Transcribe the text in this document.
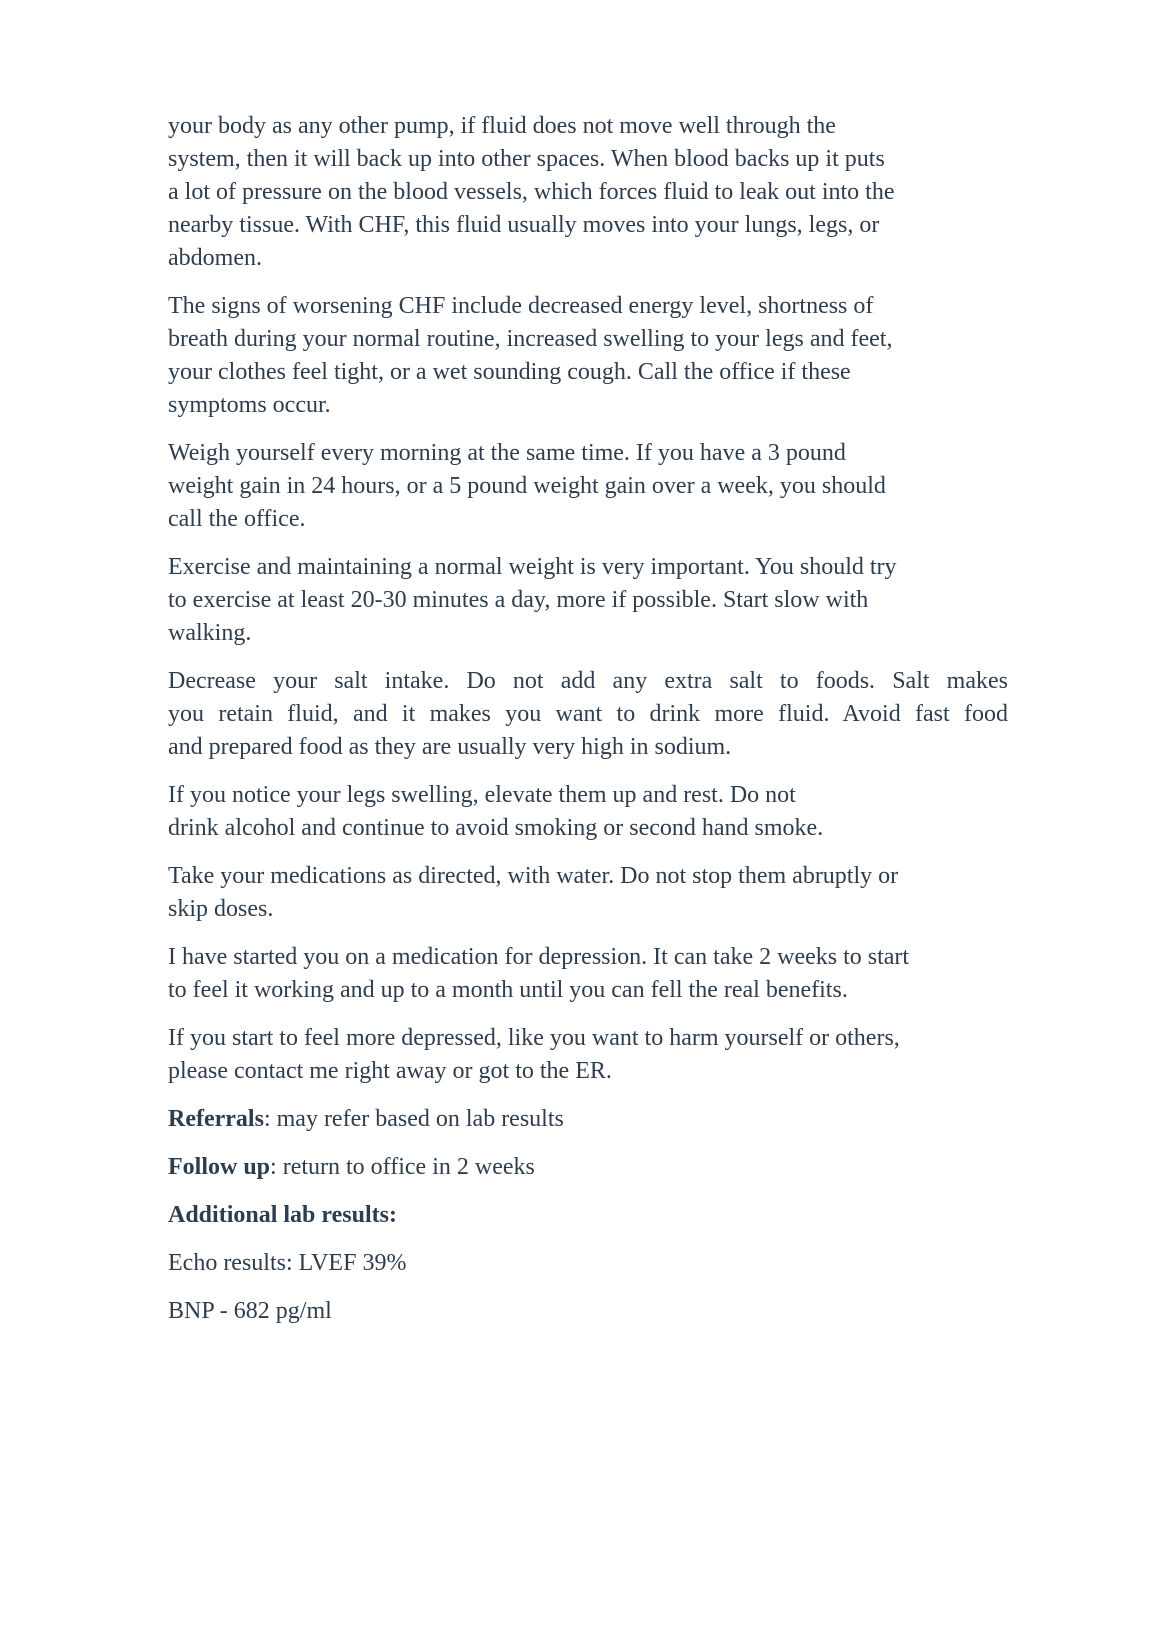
your body as any other pump, if fluid does not move well through the
system, then it will back up into other spaces. When blood backs up it puts
a lot of pressure on the blood vessels, which forces fluid to leak out into the
nearby tissue. With CHF, this fluid usually moves into your lungs, legs, or
abdomen.

The signs of worsening CHF include decreased energy level, shortness of
breath during your normal routine, increased swelling to your legs and feet,
your clothes feel tight, or a wet sounding cough. Call the office if these
symptoms occur.

Weigh yourself every morning at the same time. If you have a 3 pound
weight gain in 24 hours, or a 5 pound weight gain over a week, you should
call the office.

Exercise and maintaining a normal weight is very important. You should try
to exercise at least 20-30 minutes a day, more if possible. Start slow with
walking.

Decrease your salt intake. Do not add any extra salt to foods. Salt makes
you retain fluid, and it makes you want to drink more fluid. Avoid fast food
and prepared food as they are usually very high in sodium.

If you notice your legs swelling, elevate them up and rest. Do not
drink alcohol and continue to avoid smoking or second hand smoke.

Take your medications as directed, with water. Do not stop them abruptly or
skip doses.

I have started you on a medication for depression. It can take 2 weeks to start
to feel it working and up to a month until you can fell the real benefits.

If you start to feel more depressed, like you want to harm yourself or others,
please contact me right away or got to the ER.

Referrals: may refer based on lab results

Follow up: return to office in 2 weeks

Additional lab results:

Echo results: LVEF 39%

BNP - 682 pg/ml
